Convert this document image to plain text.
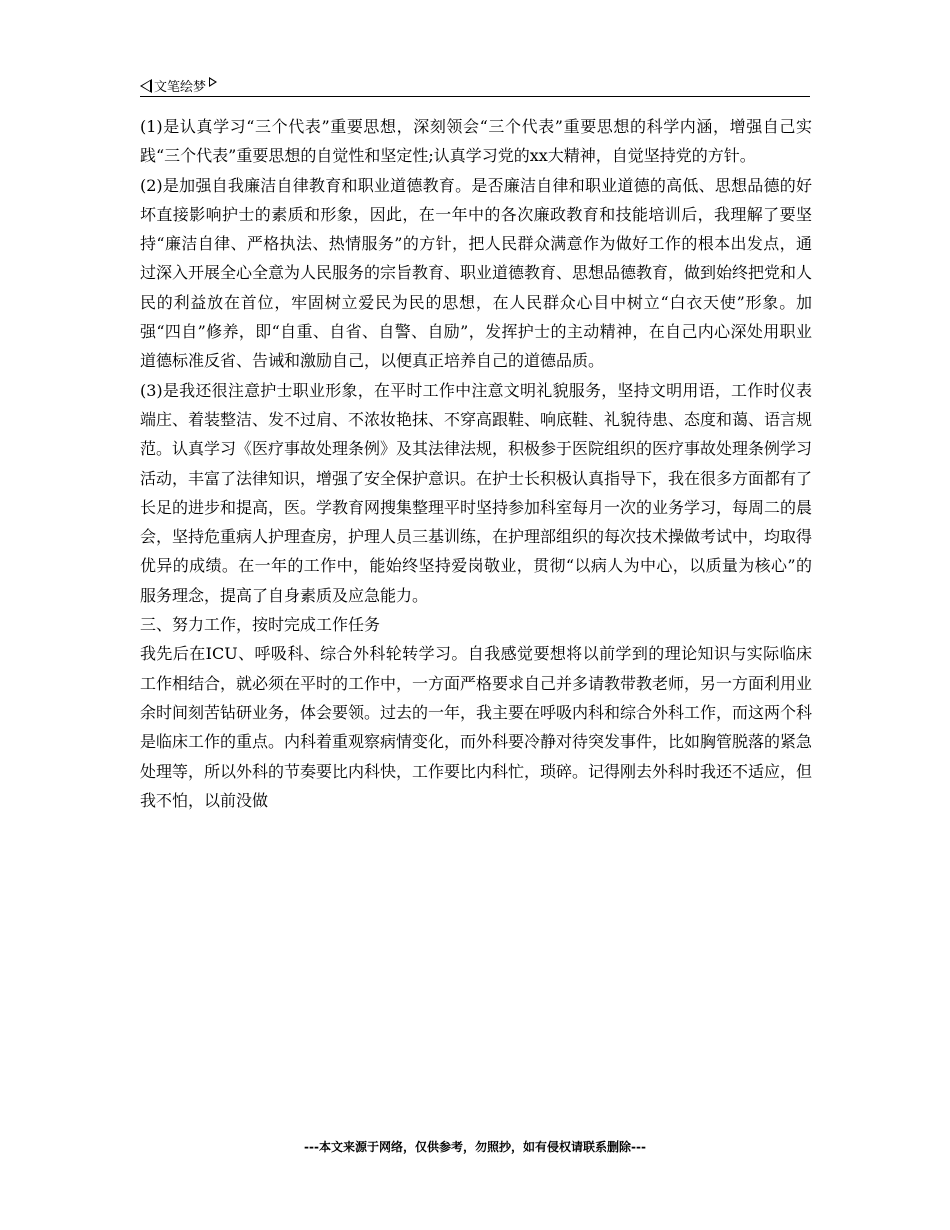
文笔绘梦

(1)是认真学习“三个代表”重要思想，深刻领会“三个代表”重要思想的科学内涵，增强自己实践“三个代表”重要思想的自觉性和坚定性;认真学习党的xx大精神，自觉坚持党的方针。

(2)是加强自我廉洁自律教育和职业道德教育。是否廉洁自律和职业道德的高低、思想品德的好坏直接影响护士的素质和形象，因此，在一年中的各次廉政教育和技能培训后，我理解了要坚持“廉洁自律、严格执法、热情服务”的方针，把人民群众满意作为做好工作的根本出发点，通过深入开展全心全意为人民服务的宗旨教育、职业道德教育、思想品德教育，做到始终把党和人民的利益放在首位，牢固树立爱民为民的思想，在人民群众心目中树立“白衣天使”形象。加强“四自”修养，即“自重、自省、自警、自励”，发挥护士的主动精神，在自己内心深处用职业道德标准反省、告诫和激励自己，以便真正培养自己的道德品质。

(3)是我还很注意护士职业形象，在平时工作中注意文明礼貌服务，坚持文明用语，工作时仪表端庄、着装整洁、发不过肩、不浓妆艳抹、不穿高跟鞋、响底鞋、礼貌待患、态度和蔼、语言规范。认真学习《医疗事故处理条例》及其法律法规，积极参于医院组织的医疗事故处理条例学习活动，丰富了法律知识，增强了安全保护意识。在护士长积极认真指导下，我在很多方面都有了长足的进步和提高，医。学教育网搜集整理平时坚持参加科室每月一次的业务学习，每周二的晨会，坚持危重病人护理查房，护理人员三基训练，在护理部组织的每次技术操做考试中，均取得优异的成绩。在一年的工作中，能始终坚持爱岗敬业，贯彻“以病人为中心，以质量为核心”的服务理念，提高了自身素质及应急能力。

三、努力工作，按时完成工作任务

我先后在ICU、呼吸科、综合外科轮转学习。自我感觉要想将以前学到的理论知识与实际临床工作相结合，就必须在平时的工作中，一方面严格要求自己并多请教带教老师，另一方面利用业余时间刻苦钻研业务，体会要领。过去的一年，我主要在呼吸内科和综合外科工作，而这两个科是临床工作的重点。内科着重观察病情变化，而外科要冷静对待突发事件，比如胸管脱落的紧急处理等，所以外科的节奏要比内科快，工作要比内科忙，琐碎。记得刚去外科时我还不适应，但我不怕，以前没做

---本文来源于网络，仅供参考，勿照抄，如有侵权请联系删除---
